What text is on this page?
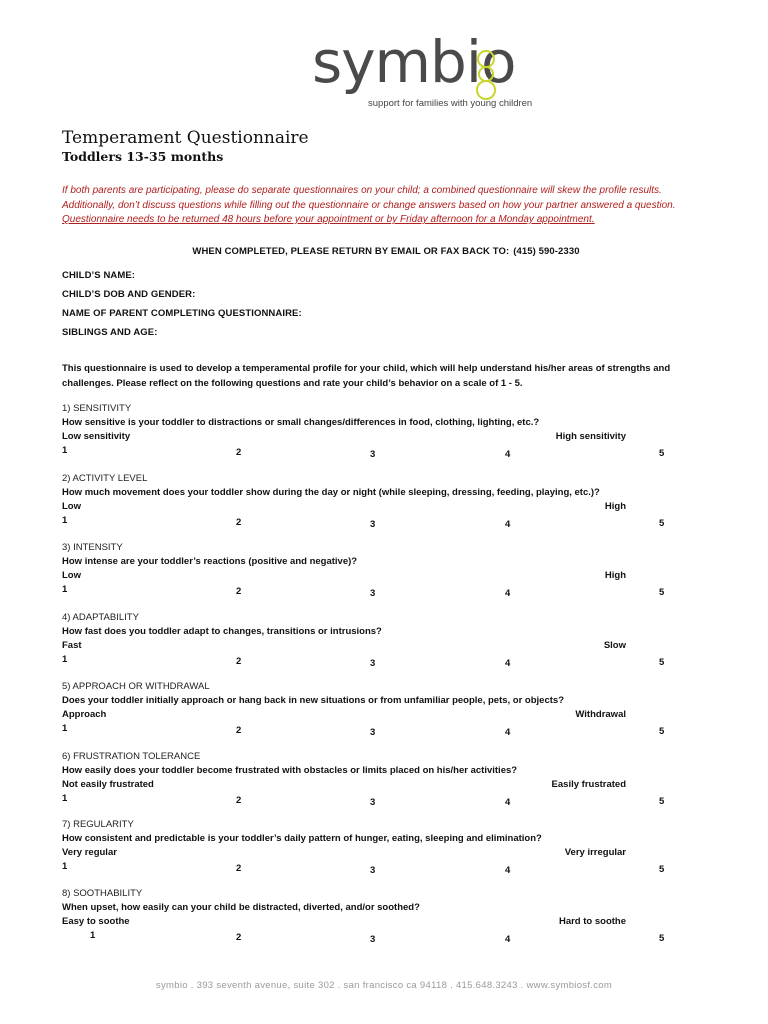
symbio
support for families with young children
Temperament Questionnaire
Toddlers 13-35 months
If both parents are participating, please do separate questionnaires on your child; a combined questionnaire will skew the profile results.
Additionally, don’t discuss questions while filling out the questionnaire or change answers based on how your partner answered a question.
Questionnaire needs to be returned 48 hours before your appointment or by Friday afternoon for a Monday appointment.
WHEN COMPLETED, PLEASE RETURN BY EMAIL OR FAX BACK TO: (415) 590-2330
CHILD’S NAME:
CHILD’S DOB AND GENDER:
NAME OF PARENT COMPLETING QUESTIONNAIRE:
SIBLINGS AND AGE:
This questionnaire is used to develop a temperamental profile for your child, which will help understand his/her areas of strengths and challenges. Please reflect on the following questions and rate your child’s behavior on a scale of 1 - 5.
1) SENSITIVITY
How sensitive is your toddler to distractions or small changes/differences in food, clothing, lighting, etc.?
Low sensitivity	High sensitivity
1	2	3	4	5
2) ACTIVITY LEVEL
How much movement does your toddler show during the day or night (while sleeping, dressing, feeding, playing, etc.)?
Low	High
1	2	3	4	5
3) INTENSITY
How intense are your toddler’s reactions (positive and negative)?
Low	High
1	2	3	4	5
4) ADAPTABILITY
How fast does you toddler adapt to changes, transitions or intrusions?
Fast	Slow
1	2	3	4	5
5) APPROACH OR WITHDRAWAL
Does your toddler initially approach or hang back in new situations or from unfamiliar people, pets, or objects?
Approach	Withdrawal
1	2	3	4	5
6) FRUSTRATION TOLERANCE
How easily does your toddler become frustrated with obstacles or limits placed on his/her activities?
Not easily frustrated	Easily frustrated
1	2	3	4	5
7) REGULARITY
How consistent and predictable is your toddler’s daily pattern of hunger, eating, sleeping and elimination?
Very regular	Very irregular
1	2	3	4	5
8) SOOTHABILITY
When upset, how easily can your child be distracted, diverted, and/or soothed?
Easy to soothe	Hard to soothe
1	2	3	4	5
symbio . 393 seventh avenue, suite 302 . san francisco ca 94118 . 415.648.3243 . www.symbiosf.com
